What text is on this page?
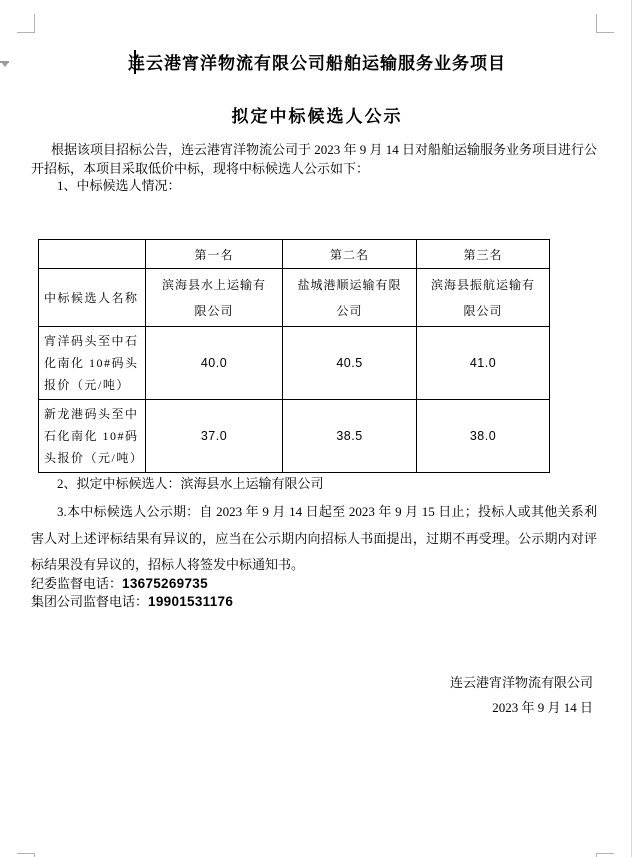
连云港宵洋物流有限公司船舶运输服务业务项目
拟定中标候选人公示

根据该项目招标公告，连云港宵洋物流公司于 2023 年 9 月 14 日对船舶运输服务业务项目进行公开招标，本项目采取低价中标，现将中标候选人公示如下：

1、中标候选人情况：

	第一名	第二名	第三名
中标候选人名称	滨海县水上运输有限公司	盐城港顺运输有限公司	滨海县振航运输有限公司
宵洋码头至中石化南化 10#码头报价（元/吨）	40.0	40.5	41.0
新龙港码头至中石化南化 10#码头报价（元/吨）	37.0	38.5	38.0

2、拟定中标候选人：滨海县水上运输有限公司

3.本中标候选人公示期：自 2023 年 9 月 14 日起至 2023 年 9 月 15 日止；投标人或其他关系利害人对上述评标结果有异议的，应当在公示期内向招标人书面提出，过期不再受理。公示期内对评标结果没有异议的，招标人将签发中标通知书。

纪委监督电话：13675269735
集团公司监督电话：19901531176
连云港宵洋物流有限公司
2023 年 9 月 14 日
